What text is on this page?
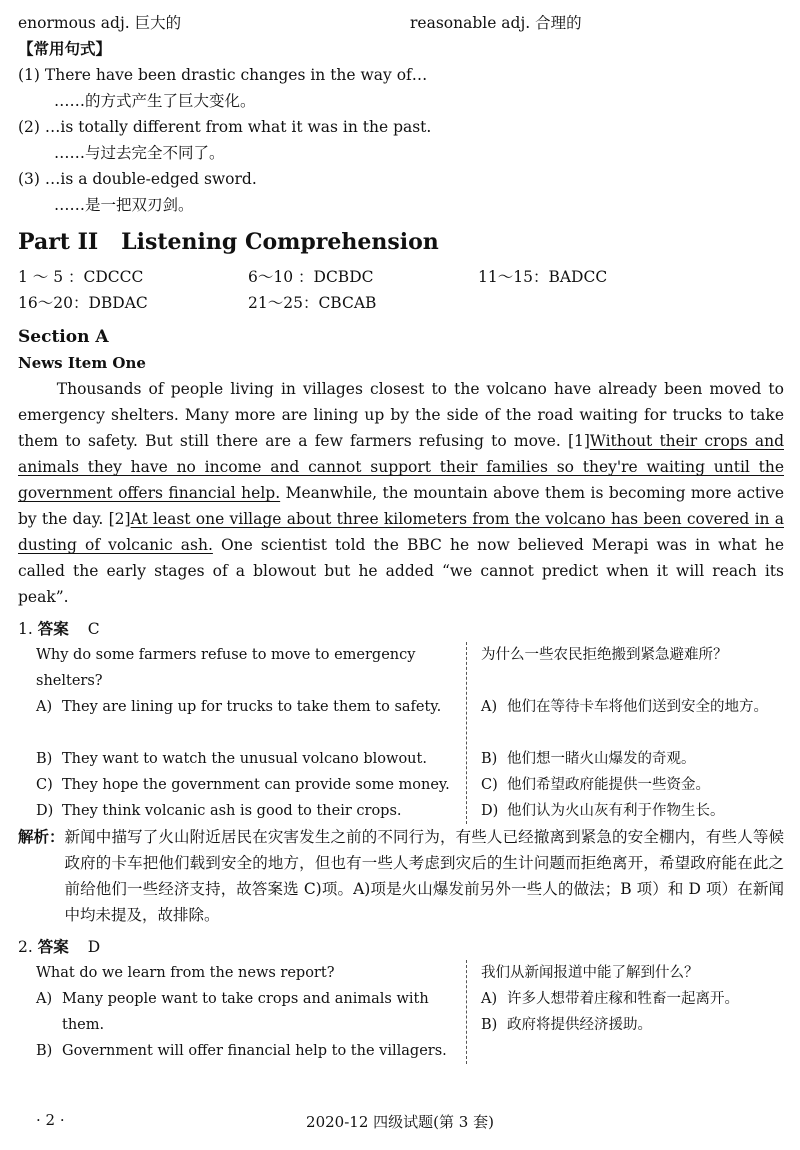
enormous adj. 巨大的	reasonable adj. 合理的
【常用句式】
(1) There have been drastic changes in the way of…
……的方式产生了巨大变化。
(2) …is totally different from what it was in the past.
……与过去完全不同了。
(3) …is a double-edged sword.
……是一把双刃剑。
Part II   Listening Comprehension
1 ～ 5 ：CDCCC	6～10 ：DCBDC	11～15：BADCC
16～20：DBDAC	21～25：CBCAB
Section A
News Item One
Thousands of people living in villages closest to the volcano have already been moved to emergency shelters. Many more are lining up by the side of the road waiting for trucks to take them to safety. But still there are a few farmers refusing to move. [1]Without their crops and animals they have no income and cannot support their families so they're waiting until the government offers financial help. Meanwhile, the mountain above them is becoming more active by the day. [2]At least one village about three kilometers from the volcano has been covered in a dusting of volcanic ash. One scientist told the BBC he now believed Merapi was in what he called the early stages of a blowout but he added “we cannot predict when it will reach its peak”.
1. 答案 C
Why do some farmers refuse to move to emergency shelters?
A) They are lining up for trucks to take them to safety.
B) They want to watch the unusual volcano blowout.
C) They hope the government can provide some money.
D) They think volcanic ash is good to their crops.
为什么一些农民拒绝搬到紧急避难所？
A) 他们在等待卡车将他们送到安全的地方。
B) 他们想一睹火山爆发的奇观。
C) 他们希望政府能提供一些资金。
D) 他们认为火山灰有利于作物生长。
解析： 新闻中描写了火山附近居民在灾害发生之前的不同行为，有些人已经撤离到紧急的安全棚内，有些人等候政府的卡车把他们载到安全的地方，但也有一些人考虑到灾后的生计问题而拒绝离开，希望政府能在此之前给他们一些经济支持，故答案选 C)项。A)项是火山爆发前另外一些人的做法；B 项）和 D 项）在新闻中均未提及，故排除。
2. 答案 D
What do we learn from the news report?
A) Many people want to take crops and animals with them.
B) Government will offer financial help to the villagers.
我们从新闻报道中能了解到什么？
A) 许多人想带着庄稼和牲畜一起离开。
B) 政府将提供经济援助。
· 2 ·	2020-12 四级试题(第 3 套)
